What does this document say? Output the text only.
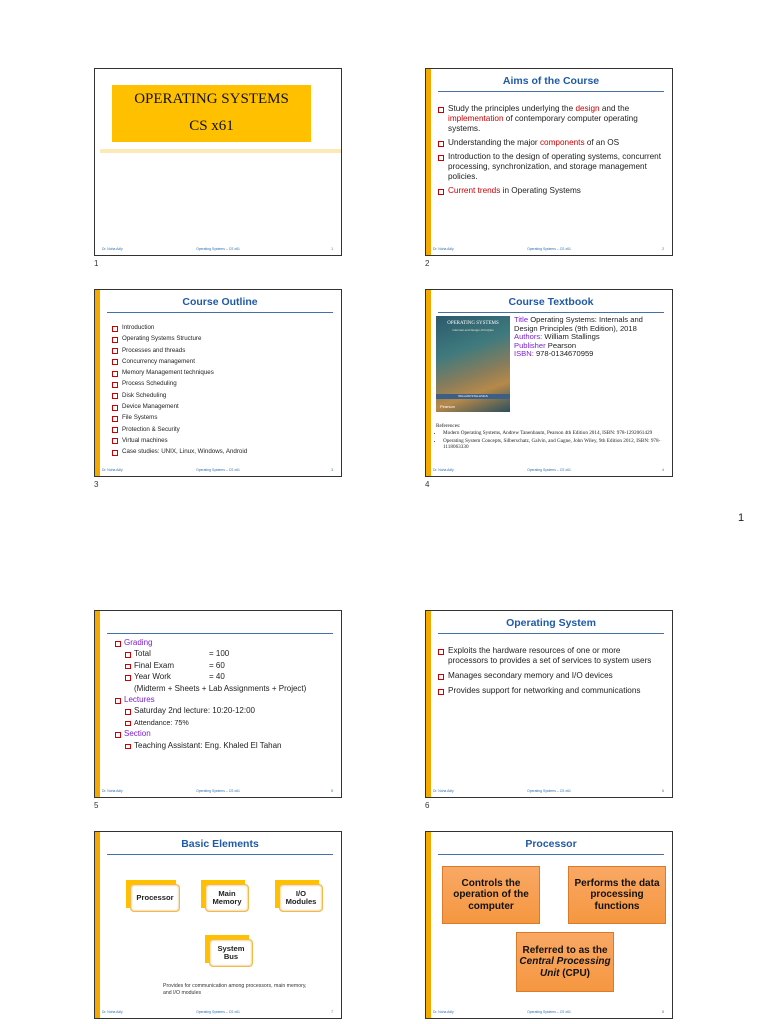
OPERATING SYSTEMS
CS x61
Dr. Noha Adly	Operating Systems – CS x61	1
1
Aims of the Course
Study the principles underlying the design and the implementation of contemporary computer operating systems.
Understanding the major components of an OS
Introduction to the design of operating systems, concurrent processing, synchronization, and storage management policies.
Current trends in Operating Systems
Dr. Noha Adly	Operating Systems – CS x61	2
2
Course Outline
Introduction
Operating Systems Structure
Processes and threads
Concurrency management
Memory Management techniques
Process Scheduling
Disk Scheduling
Device Management
File Systems
Protection & Security
Virtual machines
Case studies: UNIX, Linux, Windows, Android
Dr. Noha Adly	Operating Systems – CS x61	3
3
Course Textbook
OPERATING SYSTEMS
Internals and Design Principles
WILLIAM STALLINGS
Pearson
Title Operating Systems: Internals and Design Principles (9th Edition), 2018
Authors: William Stallings
Publisher Pearson
ISBN: 978-0134670959
References:
• Modern Operating Systems, Andrew Tanenbaum, Pearson 4th Edition 2014, ISBN: 978-1292061429
• Operating System Concepts, Silberschatz, Galvin, and Gagne, John Wiley, 9th Edition 2012, ISBN: 978-1118063330
Dr. Noha Adly	Operating Systems – CS x61	4
4
1
Grading
Total	= 100
Final Exam	= 60
Year Work	= 40
(Midterm + Sheets + Lab Assignments + Project)
Lectures
Saturday 2nd lecture: 10:20-12:00
Attendance: 75%
Section
Teaching Assistant: Eng. Khaled El Tahan
Dr. Noha Adly	Operating Systems – CS x61	5
5
Operating System
Exploits the hardware resources of one or more processors to provides a set of services to system users
Manages secondary memory and I/O devices
Provides support for networking and communications
Dr. Noha Adly	Operating Systems – CS x61	6
6
Basic Elements
Processor	Main Memory
I/O Modules
System Bus
Provides for communication among processors, main memory, and I/O modules
Dr. Noha Adly	Operating Systems – CS x61	7
Processor
Controls the operation of the computer
Performs the data processing functions
Referred to as the Central Processing Unit (CPU)
Dr. Noha Adly	Operating Systems – CS x61	8
